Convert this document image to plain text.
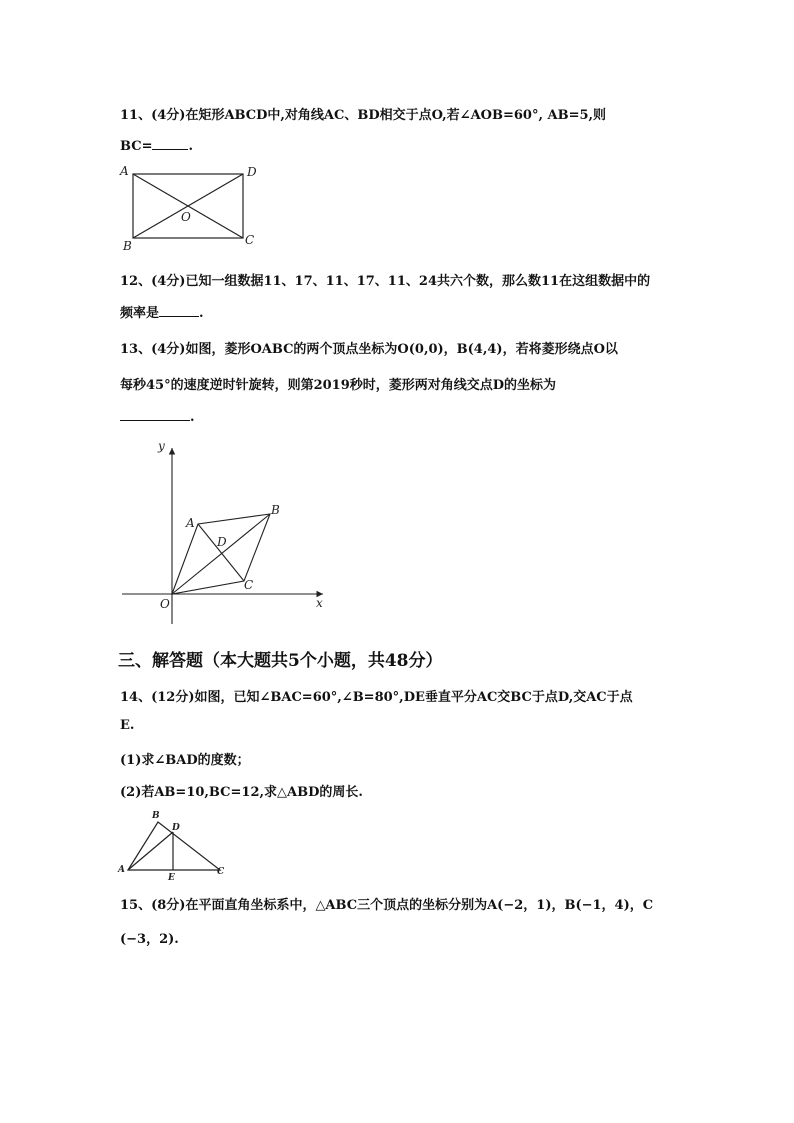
11、(4分)在矩形ABCD中,对角线AC、BD相交于点O,若∠AOB=60°, AB=5,则
BC=	.
A	D
B	C
O
12、(4分)已知一组数据11、17、11、17、11、24共六个数，那么数11在这组数据中的
频率是	.
13、(4分)如图，菱形OABC的两个顶点坐标为O(0,0)，B(4,4)，若将菱形绕点O以
每秒45°的速度逆时针旋转，则第2019秒时，菱形两对角线交点D的坐标为
.
y
x
O
A
B
C
D
三、解答题（本大题共5个小题，共48分）
14、(12分)如图，已知∠BAC=60°,∠B=80°,DE垂直平分AC交BC于点D,交AC于点
E.
(1)求∠BAD的度数；
(2)若AB=10,BC=12,求△ABD的周长.
A
B
D
C
E
15、(8分)在平面直角坐标系中，△ABC三个顶点的坐标分别为A(−2，1)，B(−1，4)，C
(−3，2).
